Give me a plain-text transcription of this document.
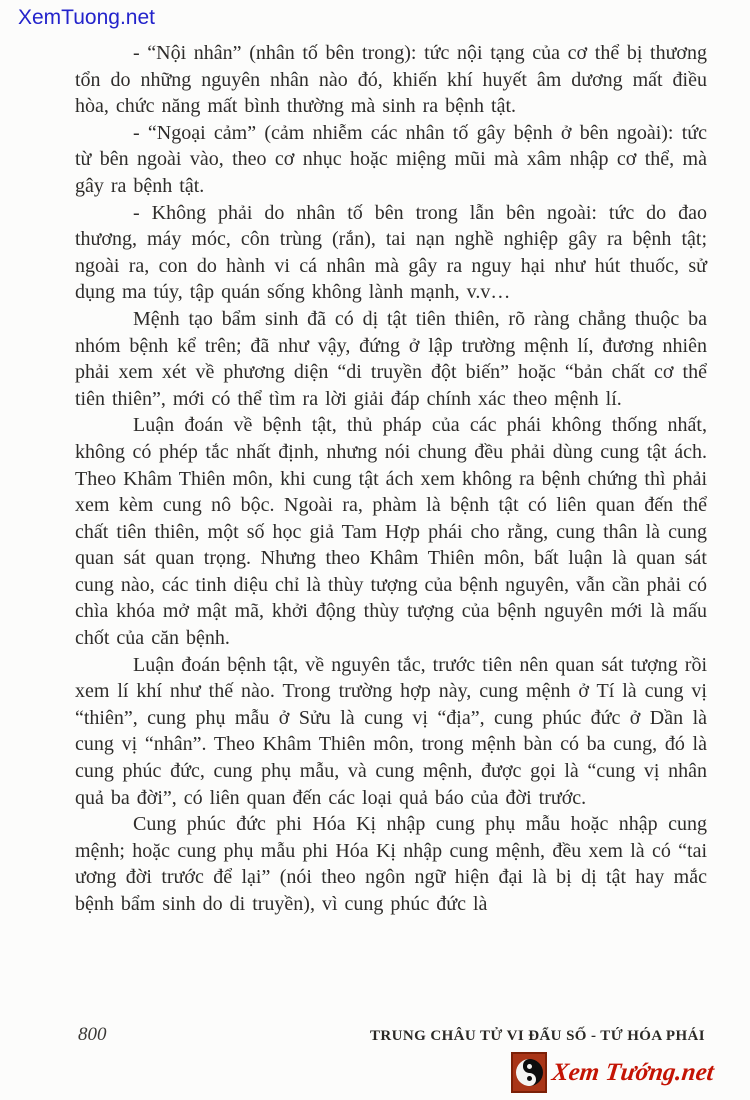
XemTuong.net

- “Nội nhân” (nhân tố bên trong): tức nội tạng của cơ thể bị thương tổn do những nguyên nhân nào đó, khiến khí huyết âm dương mất điều hòa, chức năng mất bình thường mà sinh ra bệnh tật.

- “Ngoại cảm” (cảm nhiễm các nhân tố gây bệnh ở bên ngoài): tức từ bên ngoài vào, theo cơ nhục hoặc miệng mũi mà xâm nhập cơ thể, mà gây ra bệnh tật.

- Không phải do nhân tố bên trong lẫn bên ngoài: tức do đao thương, máy móc, côn trùng (rắn), tai nạn nghề nghiệp gây ra bệnh tật; ngoài ra, con do hành vi cá nhân mà gây ra nguy hại như hút thuốc, sử dụng ma túy, tập quán sống không lành mạnh, v.v…

Mệnh tạo bẩm sinh đã có dị tật tiên thiên, rõ ràng chẳng thuộc ba nhóm bệnh kể trên; đã như vậy, đứng ở lập trường mệnh lí, đương nhiên phải xem xét về phương diện “di truyền đột biến” hoặc “bản chất cơ thể tiên thiên”, mới có thể tìm ra lời giải đáp chính xác theo mệnh lí.

Luận đoán về bệnh tật, thủ pháp của các phái không thống nhất, không có phép tắc nhất định, nhưng nói chung đều phải dùng cung tật ách. Theo Khâm Thiên môn, khi cung tật ách xem không ra bệnh chứng thì phải xem kèm cung nô bộc. Ngoài ra, phàm là bệnh tật có liên quan đến thể chất tiên thiên, một số học giả Tam Hợp phái cho rằng, cung thân là cung quan sát quan trọng. Nhưng theo Khâm Thiên môn, bất luận là quan sát cung nào, các tinh diệu chỉ là thùy tượng của bệnh nguyên, vẫn cần phải có chìa khóa mở mật mã, khởi động thùy tượng của bệnh nguyên mới là mấu chốt của căn bệnh.

Luận đoán bệnh tật, về nguyên tắc, trước tiên nên quan sát tượng rồi xem lí khí như thế nào. Trong trường hợp này, cung mệnh ở Tí là cung vị “thiên”, cung phụ mẫu ở Sửu là cung vị “địa”, cung phúc đức ở Dần là cung vị “nhân”. Theo Khâm Thiên môn, trong mệnh bàn có ba cung, đó là cung phúc đức, cung phụ mẫu, và cung mệnh, được gọi là “cung vị nhân quả ba đời”, có liên quan đến các loại quả báo của đời trước.

Cung phúc đức phi Hóa Kị nhập cung phụ mẫu hoặc nhập cung mệnh; hoặc cung phụ mẫu phi Hóa Kị nhập cung mệnh, đều xem là có “tai ương đời trước để lại” (nói theo ngôn ngữ hiện đại là bị dị tật hay mắc bệnh bẩm sinh do di truyền), vì cung phúc đức là

800	TRUNG CHÂU TỬ VI ĐẨU SỐ - TỨ HÓA PHÁI
Xem Tướng.net
